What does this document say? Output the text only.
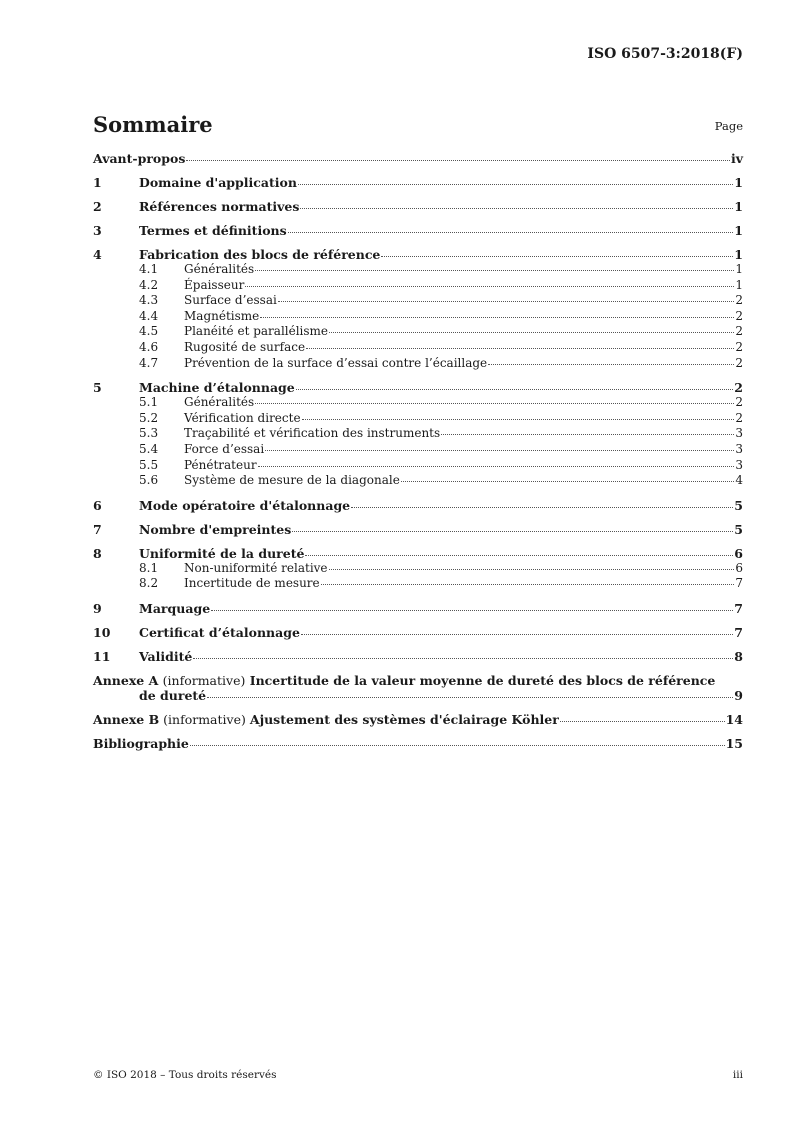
ISO 6507-3:2018(F)
Sommaire	Page
Avant-propos	iv
1	Domaine d'application	1
2	Références normatives	1
3	Termes et définitions	1
4	Fabrication des blocs de référence	1
4.1	Généralités	1
4.2	Épaisseur	1
4.3	Surface d’essai	2
4.4	Magnétisme	2
4.5	Planéité et parallélisme	2
4.6	Rugosité de surface	2
4.7	Prévention de la surface d’essai contre l’écaillage	2
5	Machine d’étalonnage	2
5.1	Généralités	2
5.2	Vérification directe	2
5.3	Traçabilité et vérification des instruments	3
5.4	Force d’essai	3
5.5	Pénétrateur	3
5.6	Système de mesure de la diagonale	4
6	Mode opératoire d'étalonnage	5
7	Nombre d'empreintes	5
8	Uniformité de la dureté	6
8.1	Non-uniformité relative	6
8.2	Incertitude de mesure	7
9	Marquage	7
10	Certificat d’étalonnage	7
11	Validité	8
Annexe A (informative) Incertitude de la valeur moyenne de dureté des blocs de référence
de dureté	9
Annexe B (informative) Ajustement des systèmes d'éclairage Köhler	14
Bibliographie	15
© ISO 2018 – Tous droits réservés	iii
